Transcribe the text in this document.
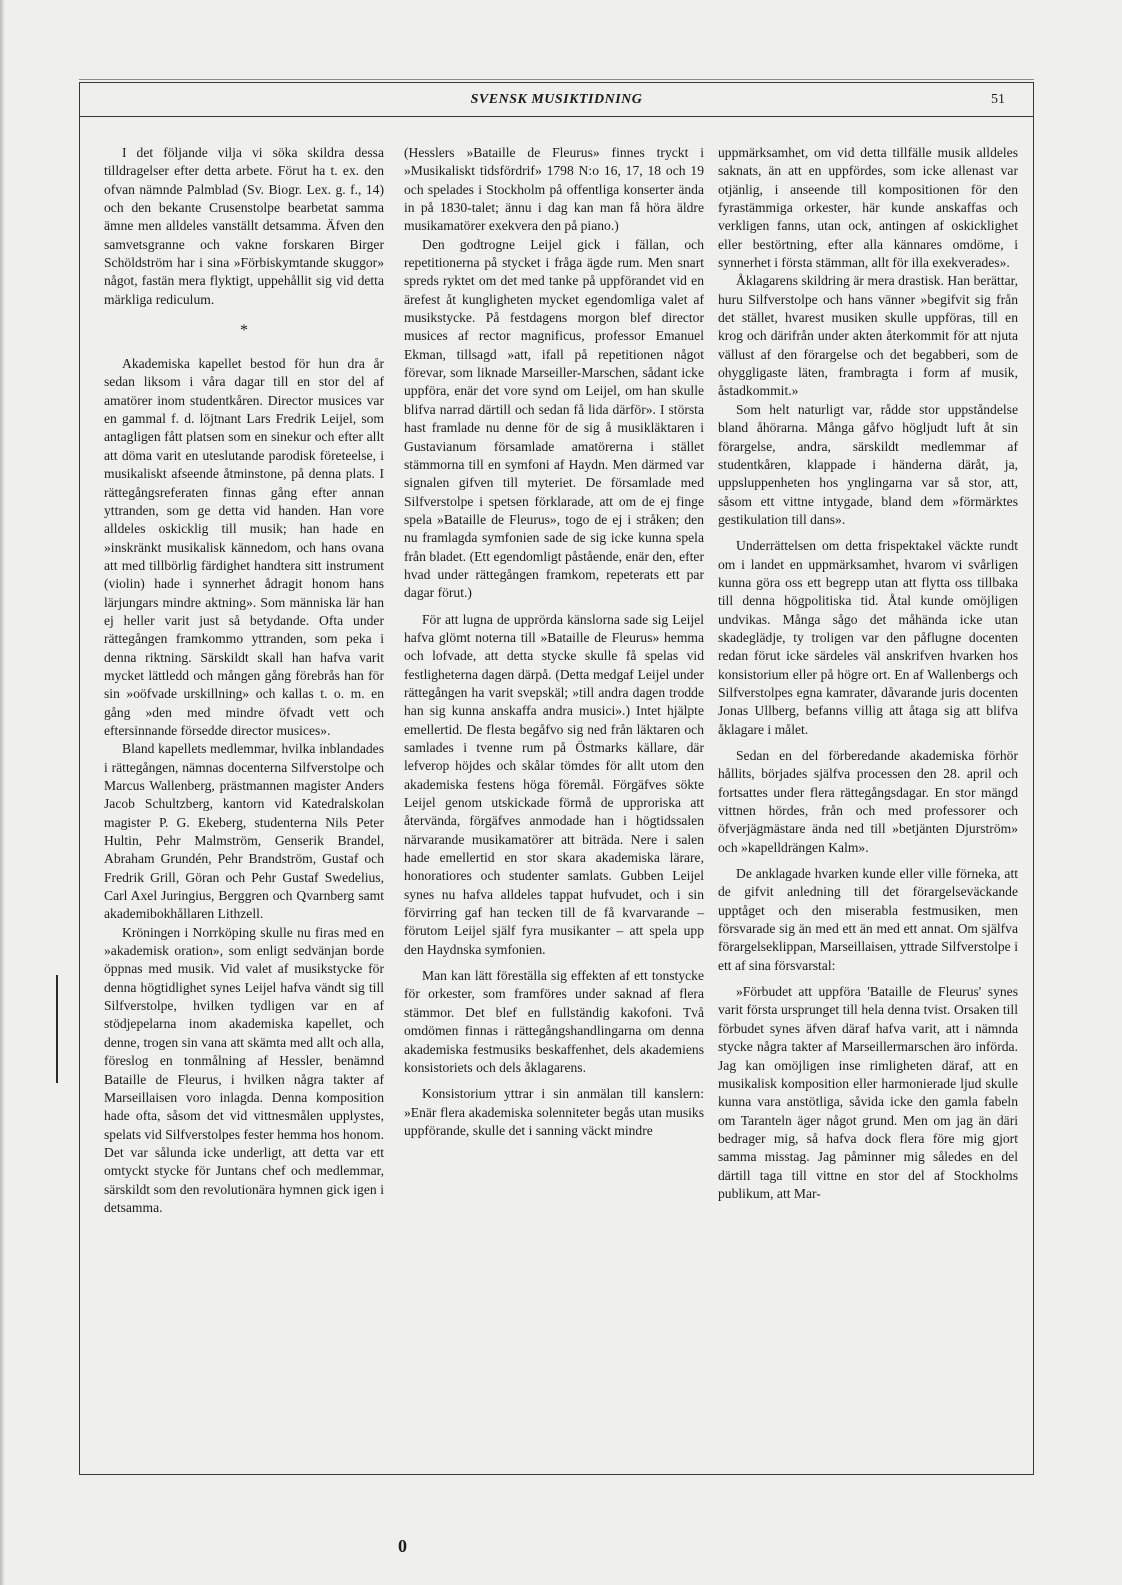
SVENSK MUSIKTIDNING	51

I det följande vilja vi söka skildra dessa tilldragelser efter detta arbete. Förut ha t. ex. den ofvan nämnde Palmblad (Sv. Biogr. Lex. g. f., 14) och den bekante Crusenstolpe bearbetat samma ämne men alldeles vanställt detsamma. Äfven den samvetsgranne och vakne forskaren Birger Schöldström har i sina »Förbiskymtande skuggor» något, fastän mera flyktigt, uppehållit sig vid detta märkliga rediculum.

*

Akademiska kapellet bestod för hun dra år sedan liksom i våra dagar till en stor del af amatörer inom studentkåren. Director musices var en gammal f. d. löjtnant Lars Fredrik Leijel, som antagligen fått platsen som en sinekur och efter allt att döma varit en uteslutande parodisk företeelse, i musikaliskt afseende åtminstone, på denna plats. I rättegångsreferaten finnas gång efter annan yttranden, som ge detta vid handen. Han vore alldeles oskicklig till musik; han hade en »inskränkt musikalisk kännedom, och hans ovana att med tillbörlig färdighet handtera sitt instrument (violin) hade i synnerhet ådragit honom hans lärjungars mindre aktning». Som människa lär han ej heller varit just så betydande. Ofta under rättegången framkommo yttranden, som peka i denna riktning. Särskildt skall han hafva varit mycket lättledd och mången gång förebrås han för sin »oöfvade urskillning» och kallas t. o. m. en gång »den med mindre öfvadt vett och eftersinnande försedde director musices».

Bland kapellets medlemmar, hvilka inblandades i rättegången, nämnas docenterna Silfverstolpe och Marcus Wallenberg, prästmannen magister Anders Jacob Schultzberg, kantorn vid Katedralskolan magister P. G. Ekeberg, studenterna Nils Peter Hultin, Pehr Malmström, Genserik Brandel, Abraham Grundén, Pehr Brandström, Gustaf och Fredrik Grill, Göran och Pehr Gustaf Swedelius, Carl Axel Juringius, Berggren och Qvarnberg samt akademibokhållaren Lithzell.

Kröningen i Norrköping skulle nu firas med en »akademisk oration», som enligt sedvänjan borde öppnas med musik. Vid valet af musikstycke för denna högtidlighet synes Leijel hafva vändt sig till Silfverstolpe, hvilken tydligen var en af stödjepelarna inom akademiska kapellet, och denne, trogen sin vana att skämta med allt och alla, föreslog en tonmålning af Hessler, benämnd Bataille de Fleurus, i hvilken några takter af Marseillaisen voro inlagda. Denna komposition hade ofta, såsom det vid vittnesmålen upplystes, spelats vid Silfverstolpes fester hemma hos honom. Det var sålunda icke underligt, att detta var ett omtyckt stycke för Juntans chef och medlemmar, särskildt som den revolutionära hymnen gick igen i detsamma.

(Hesslers »Bataille de Fleurus» finnes tryckt i »Musikaliskt tidsfördrif» 1798 N:o 16, 17, 18 och 19 och spelades i Stockholm på offentliga konserter ända in på 1830-talet; ännu i dag kan man få höra äldre musikamatörer exekvera den på piano.)

Den godtrogne Leijel gick i fällan, och repetitionerna på stycket i fråga ägde rum. Men snart spreds ryktet om det med tanke på uppförandet vid en ärefest åt kungligheten mycket egendomliga valet af musikstycke. På festdagens morgon blef director musices af rector magnificus, professor Emanuel Ekman, tillsagd »att, ifall på repetitionen något förevar, som liknade Marseiller-Marschen, sådant icke uppföra, enär det vore synd om Leijel, om han skulle blifva narrad därtill och sedan få lida därför». I största hast framlade nu denne för de sig å musikläktaren i Gustavianum församlade amatörerna i stället stämmorna till en symfoni af Haydn. Men därmed var signalen gifven till myteriet. De församlade med Silfverstolpe i spetsen förklarade, att om de ej finge spela »Bataille de Fleurus», togo de ej i stråken; den nu framlagda symfonien sade de sig icke kunna spela från bladet. (Ett egendomligt påstående, enär den, efter hvad under rättegången framkom, repeterats ett par dagar förut.)

För att lugna de upprörda känslorna sade sig Leijel hafva glömt noterna till »Bataille de Fleurus» hemma och lofvade, att detta stycke skulle få spelas vid festligheterna dagen därpå. (Detta medgaf Leijel under rättegången ha varit svepskäl; »till andra dagen trodde han sig kunna anskaffa andra musici».) Intet hjälpte emellertid. De flesta begåfvo sig ned från läktaren och samlades i tvenne rum på Östmarks källare, där lefverop höjdes och skålar tömdes för allt utom den akademiska festens höga föremål. Förgäfves sökte Leijel genom utskickade förmå de upproriska att återvända, förgäfves anmodade han i högtidssalen närvarande musikamatörer att biträda. Nere i salen hade emellertid en stor skara akademiska lärare, honoratiores och studenter samlats. Gubben Leijel synes nu hafva alldeles tappat hufvudet, och i sin förvirring gaf han tecken till de få kvarvarande – förutom Leijel själf fyra musikanter – att spela upp den Haydnska symfonien.

Man kan lätt föreställa sig effekten af ett tonstycke för orkester, som framföres under saknad af flera stämmor. Det blef en fullständig kakofoni. Två omdömen finnas i rättegångshandlingarna om denna akademiska festmusiks beskaffenhet, dels akademiens konsistoriets och dels åklagarens.

Konsistorium yttrar i sin anmälan till kanslern: »Enär flera akademiska solenniteter begås utan musiks uppförande, skulle det i sanning väckt mindre

uppmärksamhet, om vid detta tillfälle musik alldeles saknats, än att en uppfördes, som icke allenast var otjänlig, i anseende till kompositionen för den fyrastämmiga orkester, här kunde anskaffas och verkligen fanns, utan ock, antingen af oskicklighet eller bestörtning, efter alla kännares omdöme, i synnerhet i första stämman, allt för illa exekverades».

Åklagarens skildring är mera drastisk. Han berättar, huru Silfverstolpe och hans vänner »begifvit sig från det stället, hvarest musiken skulle uppföras, till en krog och därifrån under akten återkommit för att njuta vällust af den förargelse och det begabberi, som de ohyggligaste läten, frambragta i form af musik, åstadkommit.»

Som helt naturligt var, rådde stor uppståndelse bland åhörarna. Många gåfvo högljudt luft åt sin förargelse, andra, särskildt medlemmar af studentkåren, klappade i händerna däråt, ja, uppsluppenheten hos ynglingarna var så stor, att, såsom ett vittne intygade, bland dem »förmärktes gestikulation till dans».

Underrättelsen om detta frispektakel väckte rundt om i landet en uppmärksamhet, hvarom vi svårligen kunna göra oss ett begrepp utan att flytta oss tillbaka till denna högpolitiska tid. Åtal kunde omöjligen undvikas. Många sågo det måhända icke utan skadeglädje, ty troligen var den påflugne docenten redan förut icke särdeles väl anskrifven hvarken hos konsistorium eller på högre ort. En af Wallenbergs och Silfverstolpes egna kamrater, dåvarande juris docenten Jonas Ullberg, befanns villig att åtaga sig att blifva åklagare i målet.

Sedan en del förberedande akademiska förhör hållits, börjades själfva processen den 28. april och fortsattes under flera rättegångsdagar. En stor mängd vittnen hördes, från och med professorer och öfverjägmästare ända ned till »betjänten Djurström» och »kapelldrängen Kalm».

De anklagade hvarken kunde eller ville förneka, att de gifvit anledning till det förargelseväckande upptåget och den miserabla festmusiken, men försvarade sig än med ett än med ett annat. Om själfva förargelseklippan, Marseillaisen, yttrade Silfverstolpe i ett af sina försvarstal:

»Förbudet att uppföra 'Bataille de Fleurus' synes varit första ursprunget till hela denna tvist. Orsaken till förbudet synes äfven däraf hafva varit, att i nämnda stycke några takter af Marseillermarschen äro införda. Jag kan omöjligen inse rimligheten däraf, att en musikalisk komposition eller harmonierade ljud skulle kunna vara anstötliga, såvida icke den gamla fabeln om Taranteln äger något grund. Men om jag än däri bedrager mig, så hafva dock flera före mig gjort samma misstag. Jag påminner mig således en del därtill taga till vittne en stor del af Stockholms publikum, att Mar-

0
